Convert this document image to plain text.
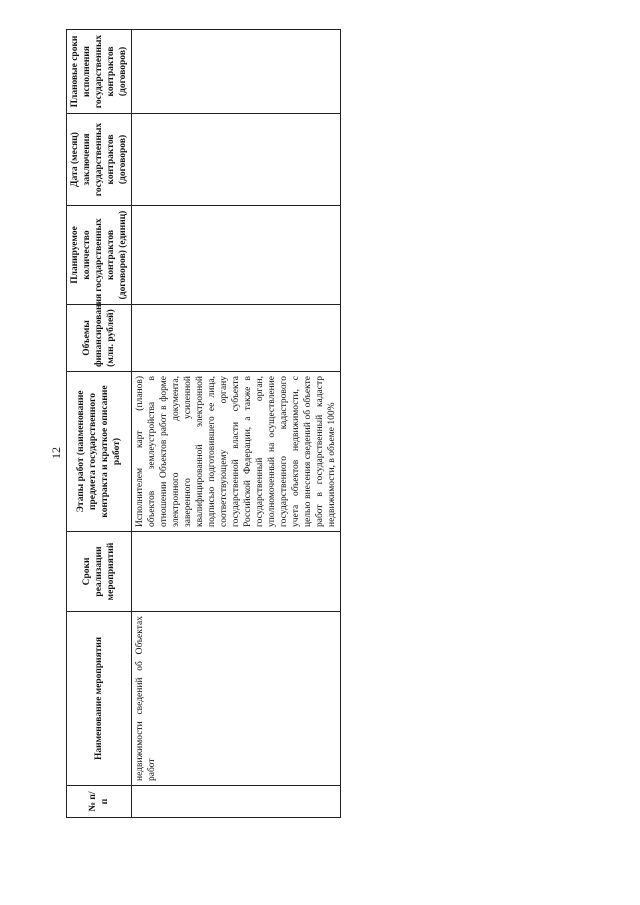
12
№ п/п	Наименование мероприятия	Сроки реализации мероприятий	Этапы работ (наименование предмета государственного контракта и краткое описание работ)	Объемы финансирования (млн. рублей)	Планируемое количество государственных контрактов (договоров) (единиц)	Дата (месяц) заключения государственных контрактов (договоров)	Плановые сроки исполнения государственных контрактов (договоров)
	недвижимости сведений об Объектах работ		Исполнителем карт (планов) объектов землеустройства в отношении Объектов работ в форме электронного документа, заверенного усиленной квалифицированной электронной подписью подготовившего ее лица, соответствующему органу государственной власти субъекта Российской Федерации, а также в государственный орган, уполномоченный на осуществление государственного кадастрового учета объектов недвижимости, с целью внесения сведений об объекте работ в государственный кадастр недвижимости, в объеме 100%				
